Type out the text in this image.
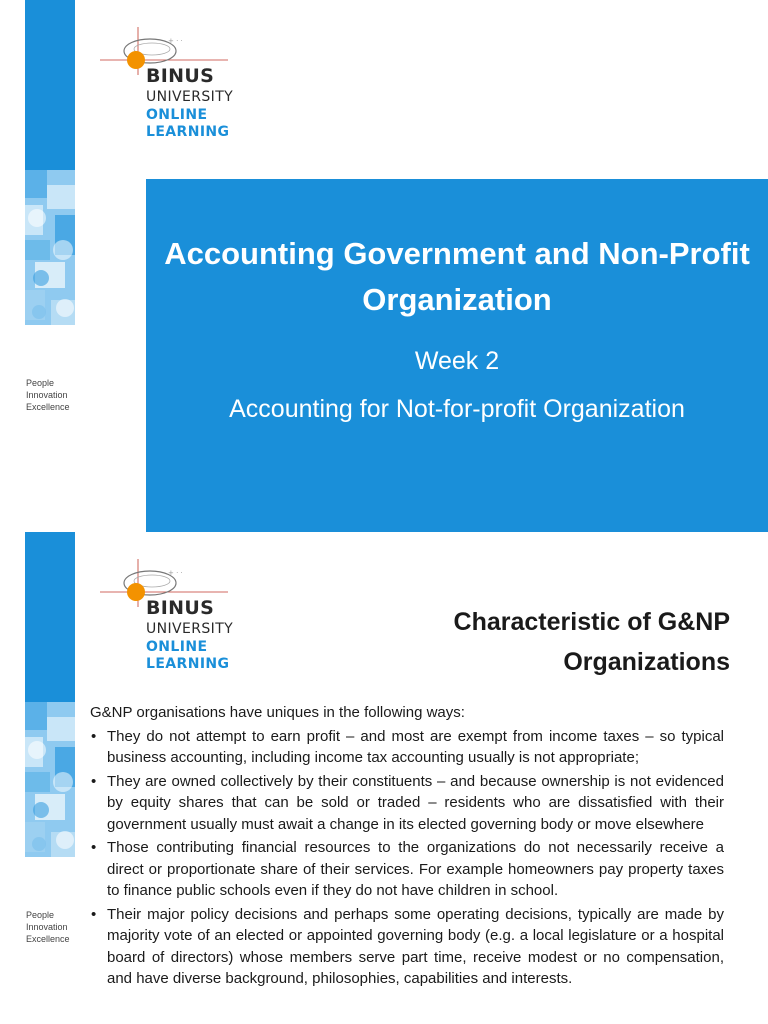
People
Innovation
Excellence
+ · ·
BINUS
UNIVERSITY
ONLINE
LEARNING
Accounting Government and Non-Profit Organization
Week 2
Accounting for Not-for-profit Organization
People
Innovation
Excellence
+ · ·
BINUS
UNIVERSITY
ONLINE
LEARNING
Characteristic of G&NP Organizations
G&NP organisations have uniques in the following ways:
• They do not attempt to earn profit – and most are exempt from income taxes – so typical business accounting, including income tax accounting usually is not appropriate;
• They are owned collectively by their constituents – and because ownership is not evidenced by equity shares that can be sold or traded – residents who are dissatisfied with their government usually must await a change in its elected governing body or move elsewhere
• Those contributing financial resources to the organizations do not necessarily receive a direct or proportionate share of their services. For example homeowners pay property taxes to finance public schools even if they do not have children in school.
• Their major policy decisions and perhaps some operating decisions, typically are made by majority vote of an elected or appointed governing body (e.g. a local legislature or a hospital board of directors) whose members serve part time, receive modest or no compensation, and have diverse background, philosophies, capabilities and interests.
